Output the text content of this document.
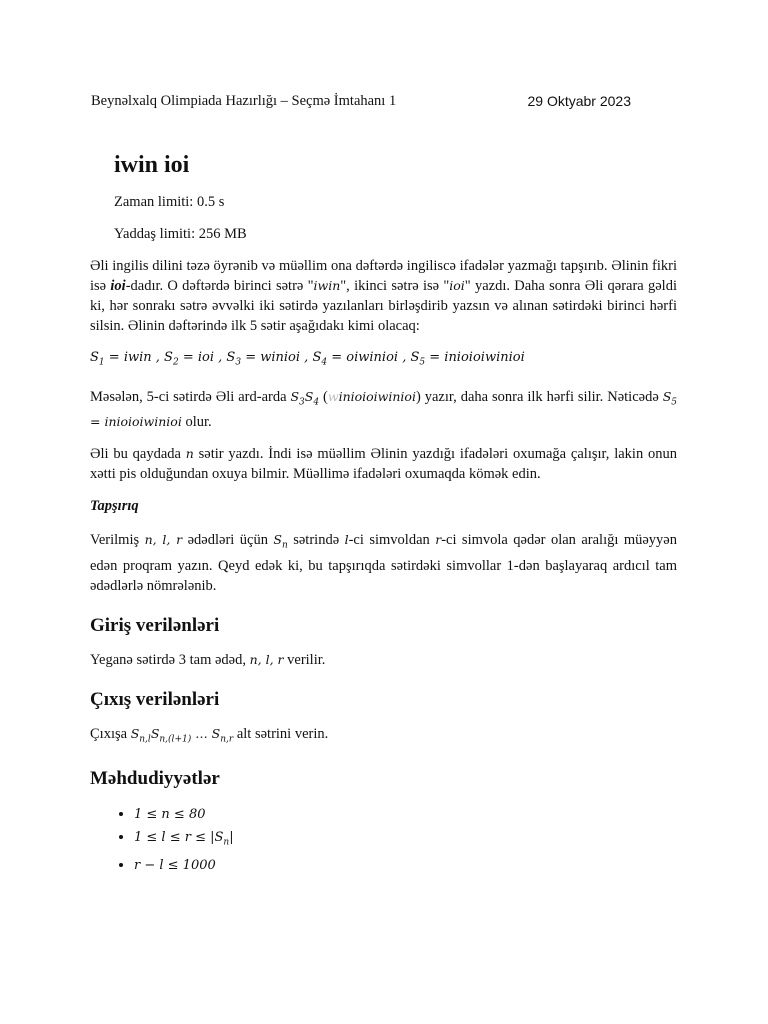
Beynəlxalq Olimpiada Hazırlığı – Seçmə İmtahanı 1	29 Oktyabr 2023
iwin ioi
Zaman limiti: 0.5 s
Yaddaş limiti: 256 MB

Əli ingilis dilini təzə öyrənib və müəllim ona dəftərdə ingiliscə ifadələr yazmağı tapşırıb. Əlinin fikri isə ioi-dadır. O dəftərdə birinci sətrə "iwin", ikinci sətrə isə "ioi" yazdı. Daha sonra Əli qərara gəldi ki, hər sonrakı sətrə əvvəlki iki sətirdə yazılanları birləşdirib yazsın və alınan sətirdəki birinci hərfi silsin. Əlinin dəftərində ilk 5 sətir aşağıdakı kimi olacaq:

$S_1$ = iwin , $S_2$ = ioi , $S_3$ = winioi , $S_4$ = oiwinioi , $S_5$ = inioioiwinioi

Məsələn, 5-ci sətirdə Əli ard-arda $S_3S_4$ (winioioiwinioi) yazır, daha sonra ilk hərfi silir. Nəticədə $S_5$ = inioioiwinioi olur.

Əli bu qaydada n sətir yazdı. İndi isə müəllim Əlinin yazdığı ifadələri oxumağa çalışır, lakin onun xətti pis olduğundan oxuya bilmir. Müəllimə ifadələri oxumaqda kömək edin.

Tapşırıq

Verilmiş n, l, r ədədləri üçün $S_n$ sətrində l-ci simvoldan r-ci simvola qədər olan aralığı müəyyən edən proqram yazın. Qeyd edək ki, bu tapşırıqda sətirdəki simvollar 1-dən başlayaraq ardıcıl tam ədədlərlə nömrələnib.

Giriş verilənləri

Yeganə sətirdə 3 tam ədəd, n, l, r verilir.

Çıxış verilənləri

Çıxışa $S_{n,l}S_{n,(l+1)}$ … $S_{n,r}$ alt sətrini verin.

Məhdudiyyətlər
• 1 ≤ n ≤ 80
• $1 \le l \le r \le |S_n|$
• r − l ≤ 1000
